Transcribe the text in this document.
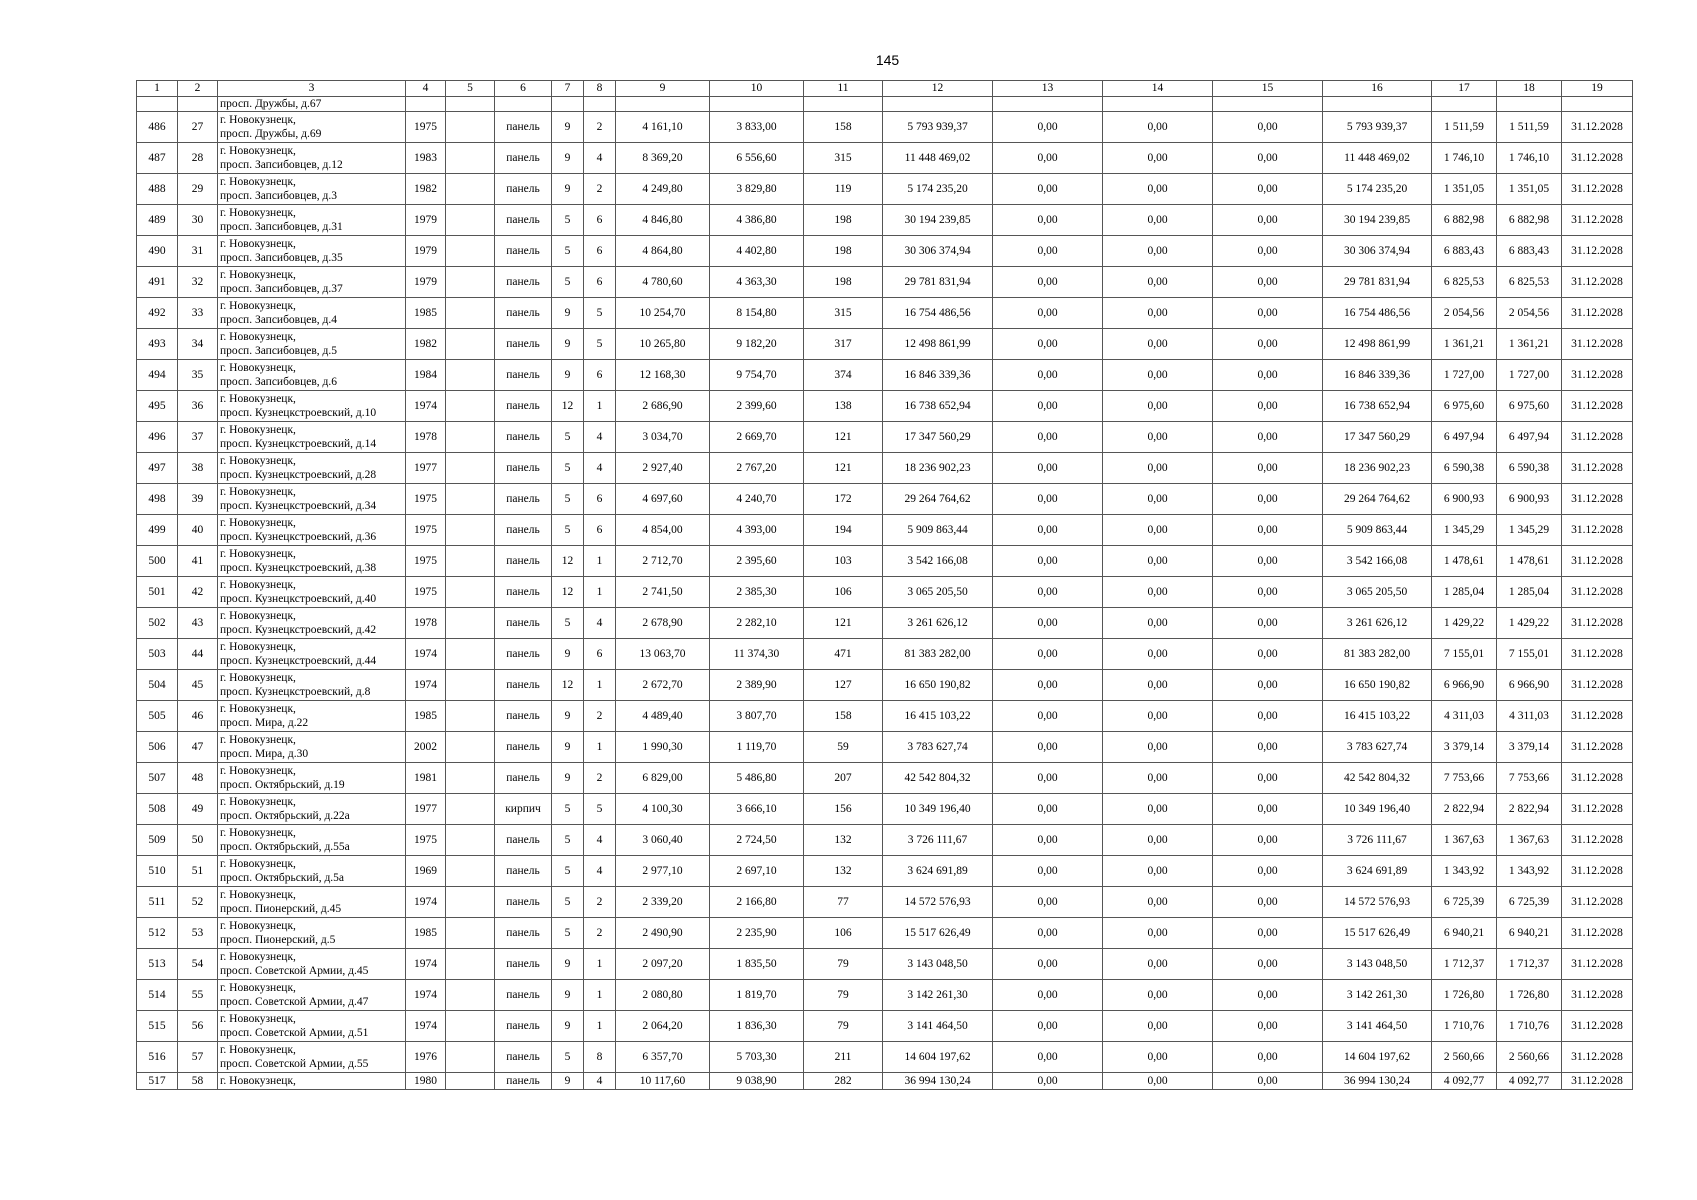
145
1	2	3	4	5	6	7	8	9	10	11	12	13	14	15	16	17	18	19
		просп. Дружбы, д.67																
486	27	г. Новокузнецк,
просп. Дружбы, д.69	1975		панель	9	2	4 161,10	3 833,00	158	5 793 939,37	0,00	0,00	0,00	5 793 939,37	1 511,59	1 511,59	31.12.2028
487	28	г. Новокузнецк,
просп. Запсибовцев, д.12	1983		панель	9	4	8 369,20	6 556,60	315	11 448 469,02	0,00	0,00	0,00	11 448 469,02	1 746,10	1 746,10	31.12.2028
488	29	г. Новокузнецк,
просп. Запсибовцев, д.3	1982		панель	9	2	4 249,80	3 829,80	119	5 174 235,20	0,00	0,00	0,00	5 174 235,20	1 351,05	1 351,05	31.12.2028
489	30	г. Новокузнецк,
просп. Запсибовцев, д.31	1979		панель	5	6	4 846,80	4 386,80	198	30 194 239,85	0,00	0,00	0,00	30 194 239,85	6 882,98	6 882,98	31.12.2028
490	31	г. Новокузнецк,
просп. Запсибовцев, д.35	1979		панель	5	6	4 864,80	4 402,80	198	30 306 374,94	0,00	0,00	0,00	30 306 374,94	6 883,43	6 883,43	31.12.2028
491	32	г. Новокузнецк,
просп. Запсибовцев, д.37	1979		панель	5	6	4 780,60	4 363,30	198	29 781 831,94	0,00	0,00	0,00	29 781 831,94	6 825,53	6 825,53	31.12.2028
492	33	г. Новокузнецк,
просп. Запсибовцев, д.4	1985		панель	9	5	10 254,70	8 154,80	315	16 754 486,56	0,00	0,00	0,00	16 754 486,56	2 054,56	2 054,56	31.12.2028
493	34	г. Новокузнецк,
просп. Запсибовцев, д.5	1982		панель	9	5	10 265,80	9 182,20	317	12 498 861,99	0,00	0,00	0,00	12 498 861,99	1 361,21	1 361,21	31.12.2028
494	35	г. Новокузнецк,
просп. Запсибовцев, д.6	1984		панель	9	6	12 168,30	9 754,70	374	16 846 339,36	0,00	0,00	0,00	16 846 339,36	1 727,00	1 727,00	31.12.2028
495	36	г. Новокузнецк,
просп. Кузнецкстроевский, д.10	1974		панель	12	1	2 686,90	2 399,60	138	16 738 652,94	0,00	0,00	0,00	16 738 652,94	6 975,60	6 975,60	31.12.2028
496	37	г. Новокузнецк,
просп. Кузнецкстроевский, д.14	1978		панель	5	4	3 034,70	2 669,70	121	17 347 560,29	0,00	0,00	0,00	17 347 560,29	6 497,94	6 497,94	31.12.2028
497	38	г. Новокузнецк,
просп. Кузнецкстроевский, д.28	1977		панель	5	4	2 927,40	2 767,20	121	18 236 902,23	0,00	0,00	0,00	18 236 902,23	6 590,38	6 590,38	31.12.2028
498	39	г. Новокузнецк,
просп. Кузнецкстроевский, д.34	1975		панель	5	6	4 697,60	4 240,70	172	29 264 764,62	0,00	0,00	0,00	29 264 764,62	6 900,93	6 900,93	31.12.2028
499	40	г. Новокузнецк,
просп. Кузнецкстроевский, д.36	1975		панель	5	6	4 854,00	4 393,00	194	5 909 863,44	0,00	0,00	0,00	5 909 863,44	1 345,29	1 345,29	31.12.2028
500	41	г. Новокузнецк,
просп. Кузнецкстроевский, д.38	1975		панель	12	1	2 712,70	2 395,60	103	3 542 166,08	0,00	0,00	0,00	3 542 166,08	1 478,61	1 478,61	31.12.2028
501	42	г. Новокузнецк,
просп. Кузнецкстроевский, д.40	1975		панель	12	1	2 741,50	2 385,30	106	3 065 205,50	0,00	0,00	0,00	3 065 205,50	1 285,04	1 285,04	31.12.2028
502	43	г. Новокузнецк,
просп. Кузнецкстроевский, д.42	1978		панель	5	4	2 678,90	2 282,10	121	3 261 626,12	0,00	0,00	0,00	3 261 626,12	1 429,22	1 429,22	31.12.2028
503	44	г. Новокузнецк,
просп. Кузнецкстроевский, д.44	1974		панель	9	6	13 063,70	11 374,30	471	81 383 282,00	0,00	0,00	0,00	81 383 282,00	7 155,01	7 155,01	31.12.2028
504	45	г. Новокузнецк,
просп. Кузнецкстроевский, д.8	1974		панель	12	1	2 672,70	2 389,90	127	16 650 190,82	0,00	0,00	0,00	16 650 190,82	6 966,90	6 966,90	31.12.2028
505	46	г. Новокузнецк,
просп. Мира, д.22	1985		панель	9	2	4 489,40	3 807,70	158	16 415 103,22	0,00	0,00	0,00	16 415 103,22	4 311,03	4 311,03	31.12.2028
506	47	г. Новокузнецк,
просп. Мира, д.30	2002		панель	9	1	1 990,30	1 119,70	59	3 783 627,74	0,00	0,00	0,00	3 783 627,74	3 379,14	3 379,14	31.12.2028
507	48	г. Новокузнецк,
просп. Октябрьский, д.19	1981		панель	9	2	6 829,00	5 486,80	207	42 542 804,32	0,00	0,00	0,00	42 542 804,32	7 753,66	7 753,66	31.12.2028
508	49	г. Новокузнецк,
просп. Октябрьский, д.22а	1977		кирпич	5	5	4 100,30	3 666,10	156	10 349 196,40	0,00	0,00	0,00	10 349 196,40	2 822,94	2 822,94	31.12.2028
509	50	г. Новокузнецк,
просп. Октябрьский, д.55а	1975		панель	5	4	3 060,40	2 724,50	132	3 726 111,67	0,00	0,00	0,00	3 726 111,67	1 367,63	1 367,63	31.12.2028
510	51	г. Новокузнецк,
просп. Октябрьский, д.5а	1969		панель	5	4	2 977,10	2 697,10	132	3 624 691,89	0,00	0,00	0,00	3 624 691,89	1 343,92	1 343,92	31.12.2028
511	52	г. Новокузнецк,
просп. Пионерский, д.45	1974		панель	5	2	2 339,20	2 166,80	77	14 572 576,93	0,00	0,00	0,00	14 572 576,93	6 725,39	6 725,39	31.12.2028
512	53	г. Новокузнецк,
просп. Пионерский, д.5	1985		панель	5	2	2 490,90	2 235,90	106	15 517 626,49	0,00	0,00	0,00	15 517 626,49	6 940,21	6 940,21	31.12.2028
513	54	г. Новокузнецк,
просп. Советской Армии, д.45	1974		панель	9	1	2 097,20	1 835,50	79	3 143 048,50	0,00	0,00	0,00	3 143 048,50	1 712,37	1 712,37	31.12.2028
514	55	г. Новокузнецк,
просп. Советской Армии, д.47	1974		панель	9	1	2 080,80	1 819,70	79	3 142 261,30	0,00	0,00	0,00	3 142 261,30	1 726,80	1 726,80	31.12.2028
515	56	г. Новокузнецк,
просп. Советской Армии, д.51	1974		панель	9	1	2 064,20	1 836,30	79	3 141 464,50	0,00	0,00	0,00	3 141 464,50	1 710,76	1 710,76	31.12.2028
516	57	г. Новокузнецк,
просп. Советской Армии, д.55	1976		панель	5	8	6 357,70	5 703,30	211	14 604 197,62	0,00	0,00	0,00	14 604 197,62	2 560,66	2 560,66	31.12.2028
517	58	г. Новокузнецк,	1980		панель	9	4	10 117,60	9 038,90	282	36 994 130,24	0,00	0,00	0,00	36 994 130,24	4 092,77	4 092,77	31.12.2028
